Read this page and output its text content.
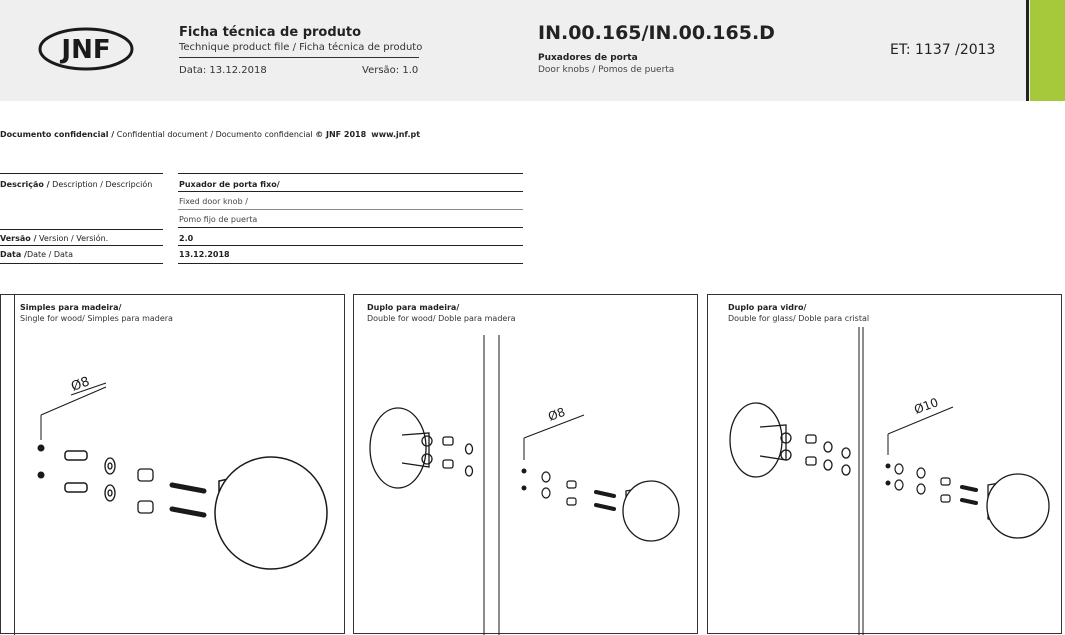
JNF
Ficha técnica de produto
Technique product file / Ficha técnica de produto
Data: 13.12.2018	Versão: 1.0
IN.00.165/IN.00.165.D
Puxadores de porta
Door knobs / Pomos de puerta
ET: 1137 /2013
Documento confidencial / Confidential document / Documento confidencial © JNF 2018 www.jnf.pt
Descrição / Description / Descripción	Puxador de porta fixo/
Fixed door knob /
Pomo fijo de puerta
Versão / Version / Versión.	2.0
Data /Date / Data	13.12.2018
Simples para madeira/
Single for wood/ Simples para madera
Ø8
Duplo para madeira/
Double for wood/ Doble para madera
Ø8
Duplo para vidro/
Double for glass/ Doble para cristal
Ø10
